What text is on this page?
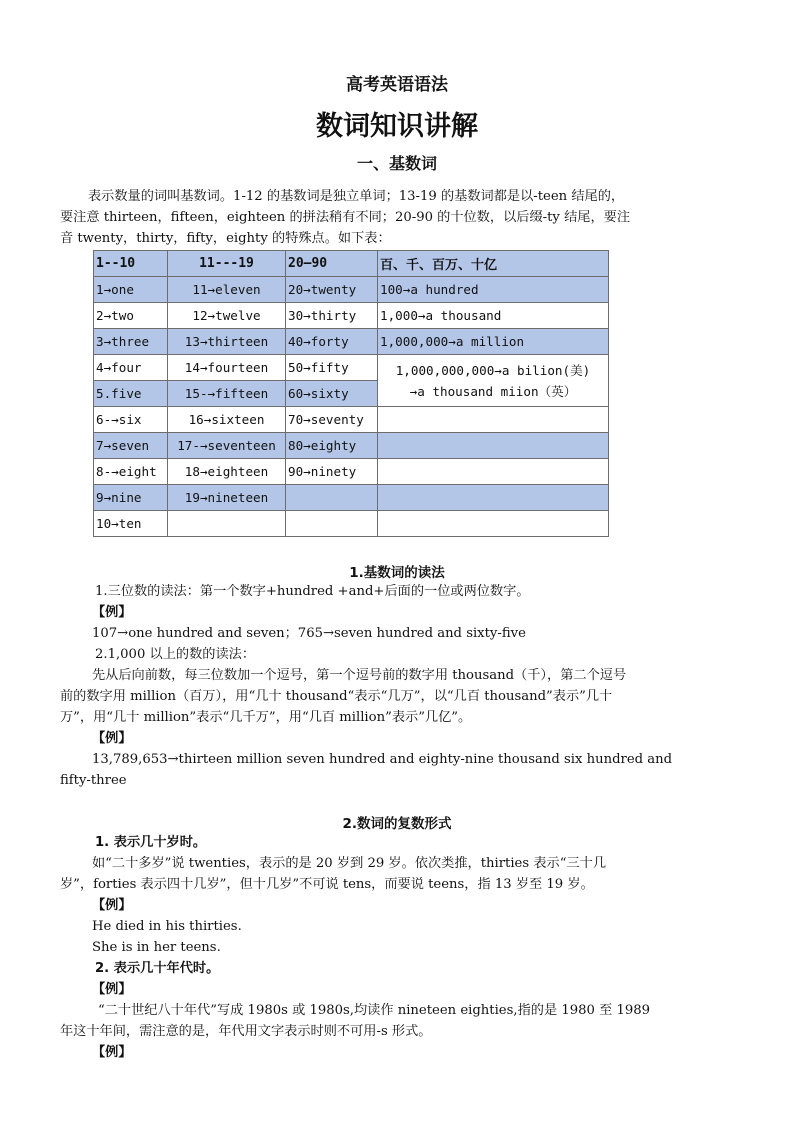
高考英语语法
数词知识讲解
一、基数词
表示数量的词叫基数词。1-12 的基数词是独立单词；13-19 的基数词都是以-teen 结尾的，
要注意 thirteen，fifteen，eighteen 的拼法稍有不同；20-90 的十位数，以后缀-ty 结尾，要注
音 twenty，thirty，fifty，eighty 的特殊点。如下表：
1--10	11---19	20—90	百、千、百万、十亿
1→one	11→eleven	20→twenty	100→a hundred
2→two	12→twelve	30→thirty	1,000→a thousand
3→three	13→thirteen	40→forty	1,000,000→a million
4→four	14→fourteen	50→fifty	1,000,000,000→a bilion(美)
→a thousand miion（英）

5.five	15-→fifteen	60→sixty	
6-→six	16→sixteen	70→seventy	
7→seven	17-→seventeen	80→eighty	
8-→eight	18→eighteen	90→ninety	
9→nine	19→nineteen		
10→ten			
1.基数词的读法
1.三位数的读法：第一个数字+hundred +and+后面的一位或两位数字。
【例】
107→one hundred and seven；765→seven hundred and sixty-five
2.1,000 以上的数的读法：
先从后向前数，每三位数加一个逗号，第一个逗号前的数字用 thousand（千），第二个逗号
前的数字用 million（百万），用“几十 thousand“表示“几万”，以“几百 thousand”表示”几十
万”，用“几十 million”表示“几千万”，用“几百 million”表示”几亿”。
【例】
13,789,653→thirteen million seven hundred and eighty-nine thousand six hundred and
fifty-three
2.数词的复数形式
1. 表示几十岁时。
如“二十多岁”说 twenties，表示的是 20 岁到 29 岁。依次类推，thirties 表示“三十几
岁”，forties 表示四十几岁”，但十几岁”不可说 tens，而要说 teens，指 13 岁至 19 岁。
【例】
He died in his thirties.
She is in her teens.
2. 表示几十年代时。
【例】
“二十世纪八十年代”写成 1980s 或 1980s,均读作 nineteen eighties,指的是 1980 至 1989
年这十年间，需注意的是，年代用文字表示时则不可用-s 形式。
【例】
